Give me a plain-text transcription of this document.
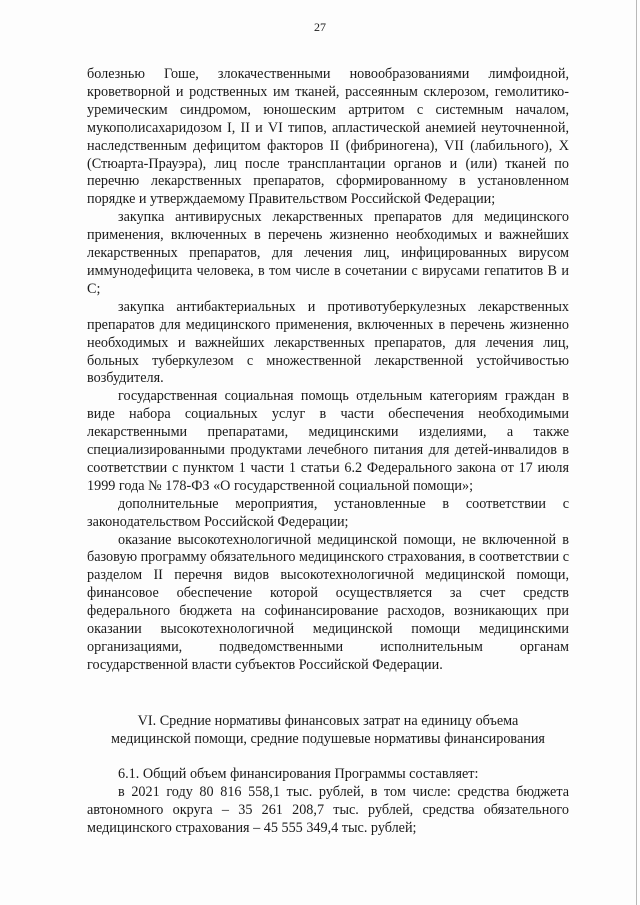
27

болезнью Гоше, злокачественными новообразованиями лимфоидной, кроветворной и родственных им тканей, рассеянным склерозом, гемолитико-уремическим синдромом, юношеским артритом с системным началом, мукополисахаридозом I, II и VI типов, апластической анемией неуточненной, наследственным дефицитом факторов II (фибриногена), VII (лабильного), X (Стюарта-Прауэра), лиц после трансплантации органов и (или) тканей по перечню лекарственных препаратов, сформированному в установленном порядке и утверждаемому Правительством Российской Федерации;

закупка антивирусных лекарственных препаратов для медицинского применения, включенных в перечень жизненно необходимых и важнейших лекарственных препаратов, для лечения лиц, инфицированных вирусом иммунодефицита человека, в том числе в сочетании с вирусами гепатитов B и C;

закупка антибактериальных и противотуберкулезных лекарственных препаратов для медицинского применения, включенных в перечень жизненно необходимых и важнейших лекарственных препаратов, для лечения лиц, больных туберкулезом с множественной лекарственной устойчивостью возбудителя.

государственная социальная помощь отдельным категориям граждан в виде набора социальных услуг в части обеспечения необходимыми лекарственными препаратами, медицинскими изделиями, а также специализированными продуктами лечебного питания для детей-инвалидов в соответствии с пунктом 1 части 1 статьи 6.2 Федерального закона от 17 июля 1999 года № 178-ФЗ «О государственной социальной помощи»;

дополнительные мероприятия, установленные в соответствии с законодательством Российской Федерации;

оказание высокотехнологичной медицинской помощи, не включенной в базовую программу обязательного медицинского страхования, в соответствии с разделом II перечня видов высокотехнологичной медицинской помощи, финансовое обеспечение которой осуществляется за счет средств федерального бюджета на софинансирование расходов, возникающих при оказании высокотехнологичной медицинской помощи медицинскими организациями, подведомственными исполнительным органам государственной власти субъектов Российской Федерации.

VI. Средние нормативы финансовых затрат на единицу объема
медицинской помощи, средние подушевые нормативы финансирования

6.1. Общий объем финансирования Программы составляет:

в 2021 году 80 816 558,1 тыс. рублей, в том числе: средства бюджета автономного округа – 35 261 208,7 тыс. рублей, средства обязательного медицинского страхования – 45 555 349,4 тыс. рублей;
